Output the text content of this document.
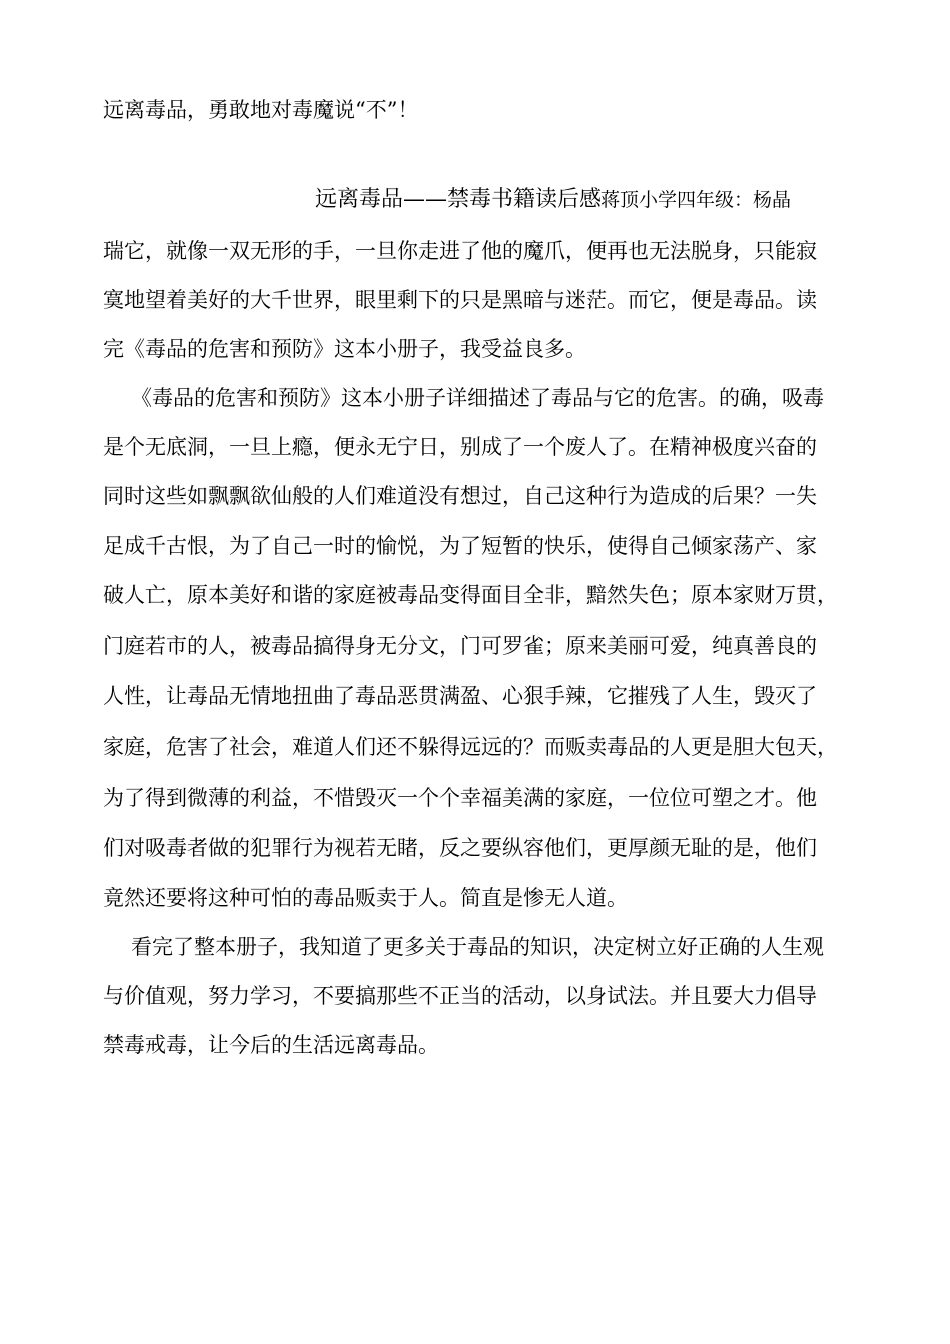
远离毒品，勇敢地对毒魔说“不”！
远离毒品——禁毒书籍读后感蒋顶小学四年级：杨晶
瑞它，就像一双无形的手，一旦你走进了他的魔爪，便再也无法脱身，只能寂
寞地望着美好的大千世界，眼里剩下的只是黑暗与迷茫。而它，便是毒品。读
完《毒品的危害和预防》这本小册子，我受益良多。
《毒品的危害和预防》这本小册子详细描述了毒品与它的危害。的确，吸毒
是个无底洞，一旦上瘾，便永无宁日，别成了一个废人了。在精神极度兴奋的
同时这些如飘飘欲仙般的人们难道没有想过，自己这种行为造成的后果？一失
足成千古恨，为了自己一时的愉悦，为了短暂的快乐，使得自己倾家荡产、家
破人亡，原本美好和谐的家庭被毒品变得面目全非，黯然失色；原本家财万贯，
门庭若市的人，被毒品搞得身无分文，门可罗雀；原来美丽可爱，纯真善良的
人性，让毒品无情地扭曲了毒品恶贯满盈、心狠手辣，它摧残了人生，毁灭了
家庭，危害了社会，难道人们还不躲得远远的？而贩卖毒品的人更是胆大包天，
为了得到微薄的利益，不惜毁灭一个个幸福美满的家庭，一位位可塑之才。他
们对吸毒者做的犯罪行为视若无睹，反之要纵容他们，更厚颜无耻的是，他们
竟然还要将这种可怕的毒品贩卖于人。简直是惨无人道。
看完了整本册子，我知道了更多关于毒品的知识，决定树立好正确的人生观
与价值观，努力学习，不要搞那些不正当的活动，以身试法。并且要大力倡导
禁毒戒毒，让今后的生活远离毒品。
